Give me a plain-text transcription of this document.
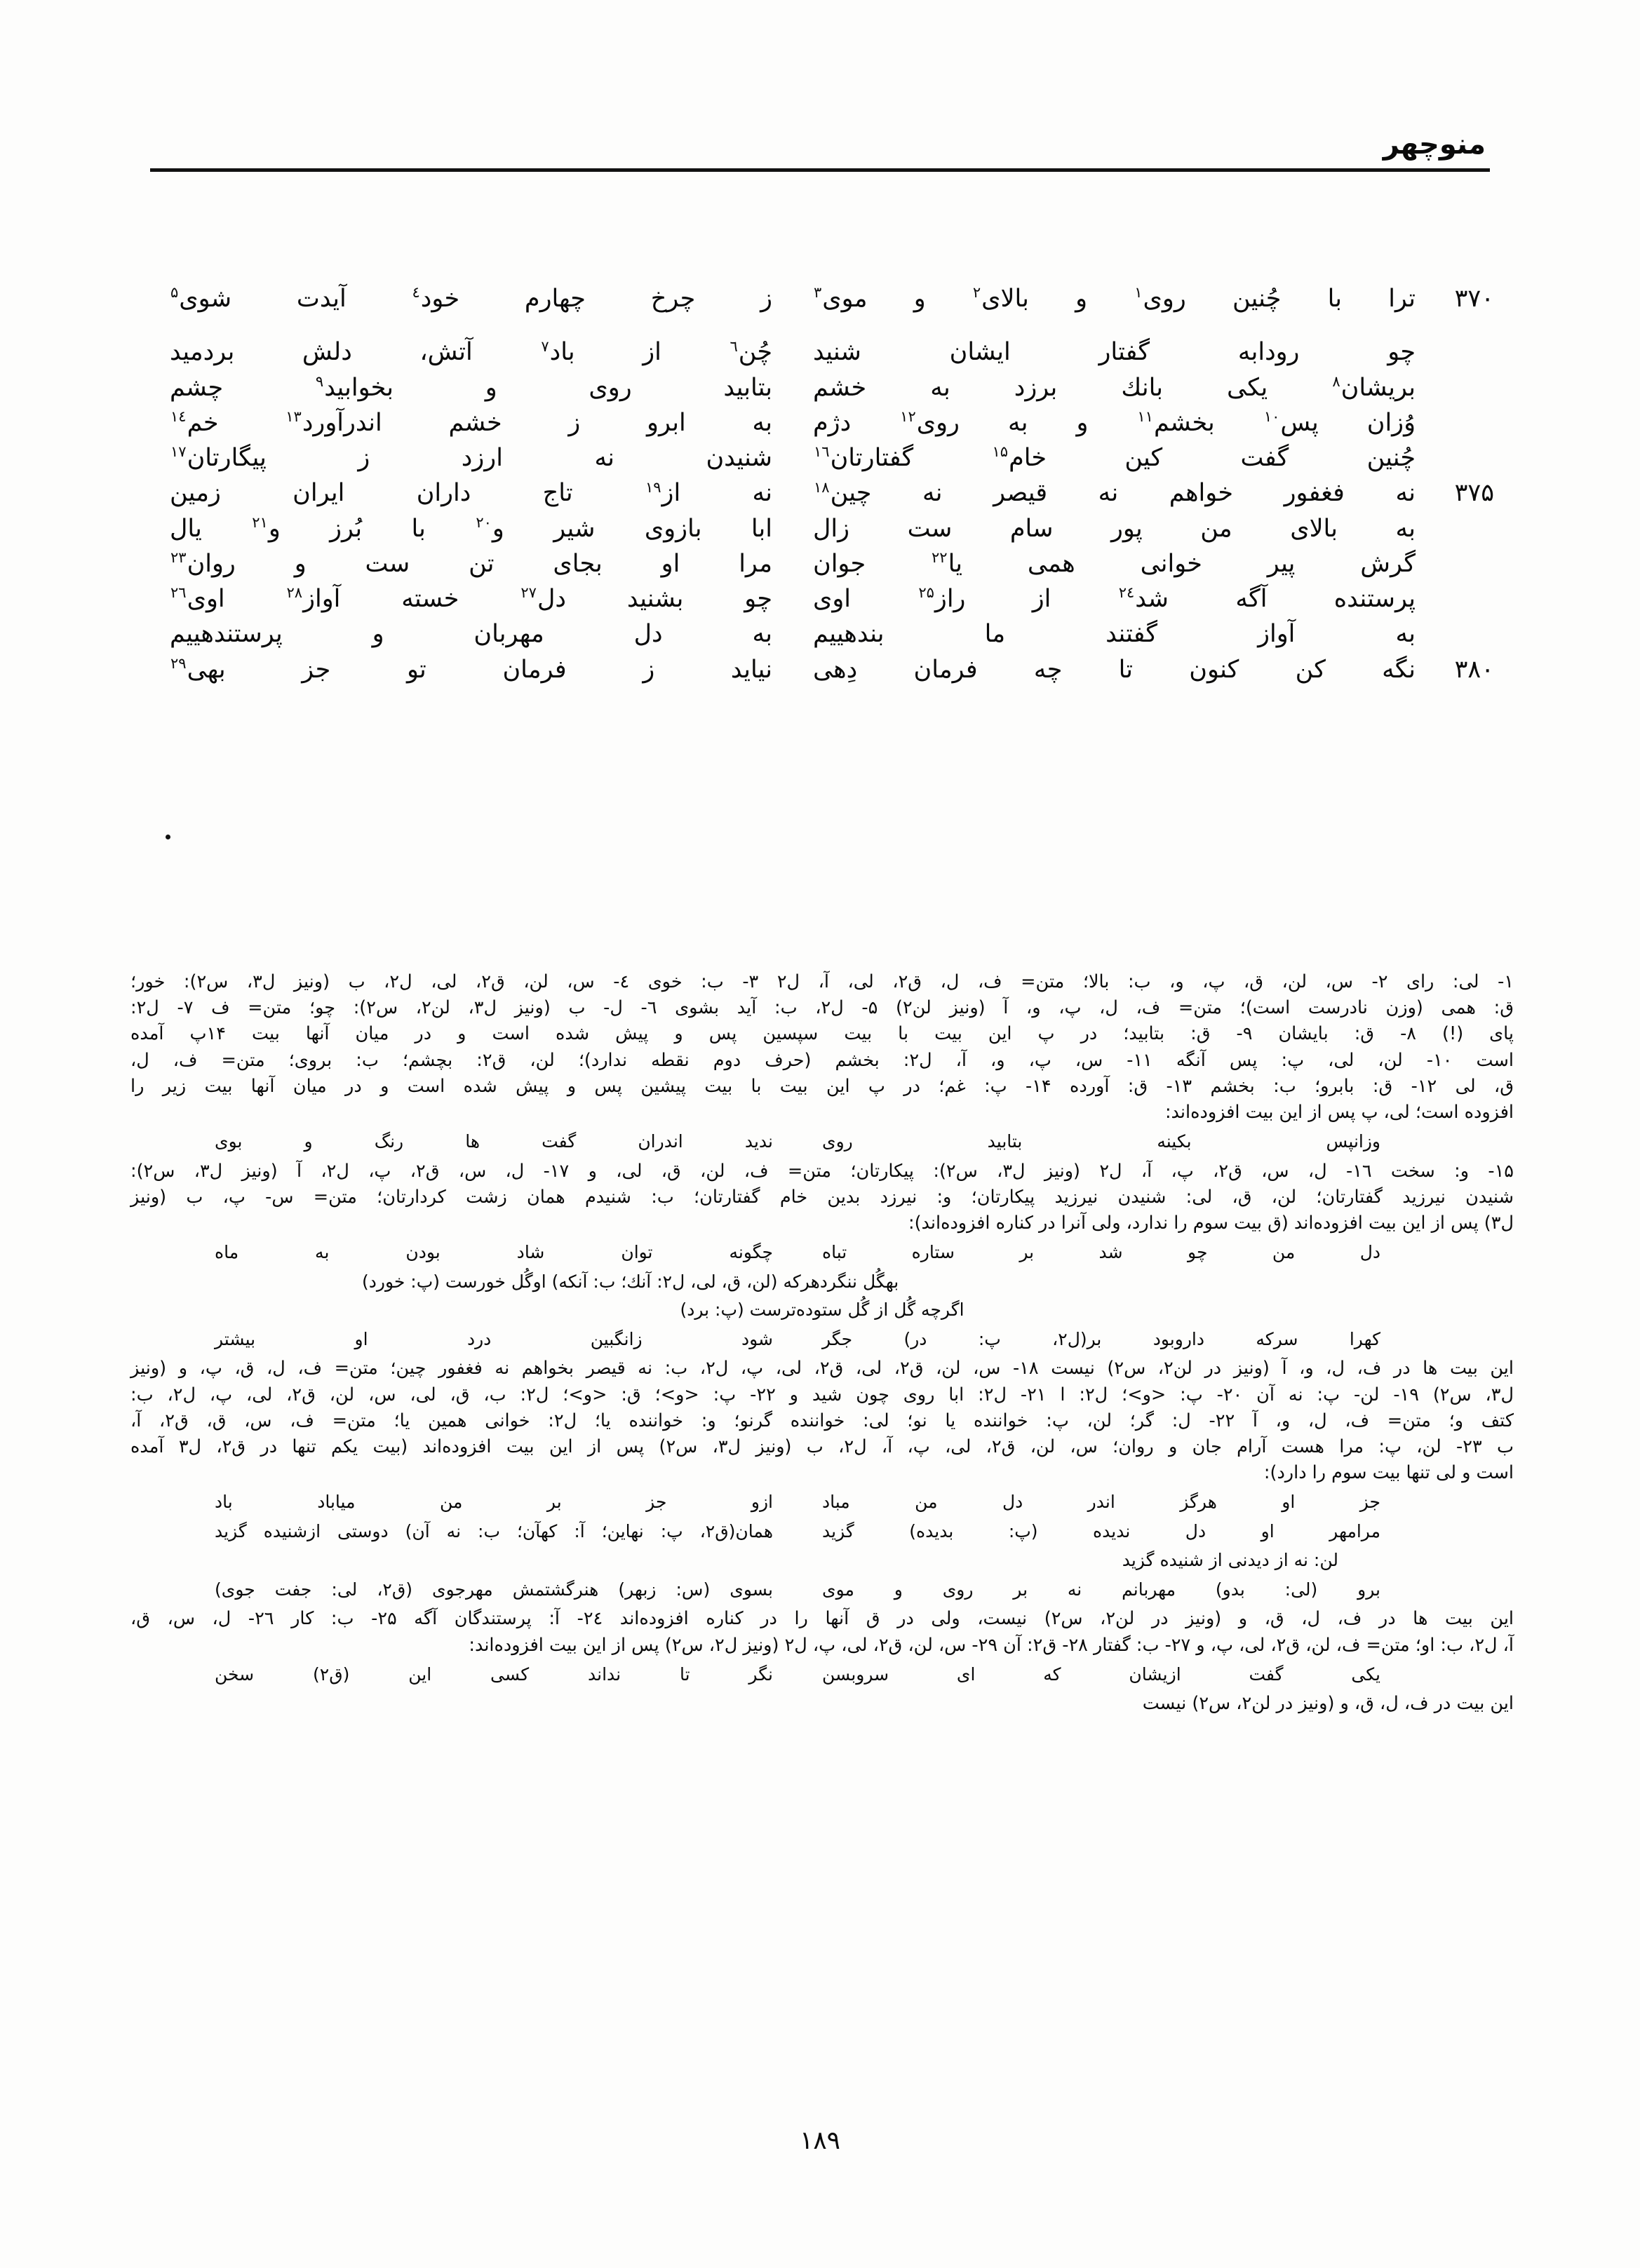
منوچهر
۳۷۰
ترا با چُنین روی$^۱$ و بالای$^۲$ و موی$^۳$
ز چرخ چهارم خود$^٤$ آیدت شوی$^۵$
چو رودابه گفتار ایشان شنید
چُن$^٦$ از باد$^۷$ آتش، دلش بردمید
بریشان$^۸$ یکی بانك برزد به خشم
بتابید روی و بخوابید$^۹$ چشم
وُزان پس$^{۱۰}$ بخشم$^{۱۱}$ و به روی$^{۱۲}$ دژم
به ابرو ز خشم اندرآورد$^{۱۳}$ خم$^{۱٤}$
چُنین گفت کین خام$^{۱۵}$ گفتارتان$^{۱٦}$
شنیدن نه ارزد ز پیگارتان$^{۱۷}$
۳۷۵
نه فغفور خواهم نه قیصر نه چین$^{۱۸}$
نه از$^{۱۹}$ تاج داران ایران زمین
به بالای من پور سام ست زال
ابا بازوی شیر و$^{۲۰}$ با بُرز و$^{۲۱}$ یال
گرش پیر خوانی همی یا$^{۲۲}$ جوان
مرا او بجای تن ست و روان$^{۲۳}$
پرستنده آگه شد$^{۲٤}$ از راز$^{۲۵}$ اوی
چو بشنید دل$^{۲۷}$ خسته آواز$^{۲۸}$ اوی$^{۲٦}$
به آواز گفتند ما بندهییم
به دل مهربان و پرستندهییم
۳۸۰
نگه کن کنون تا چه فرمان دِهی
نیاید ز فرمان تو جز بهی$^{۲۹}$

۱- لی: رای ۲- س، لن، ق، پ، و، ب: بالا؛ متن= ف، ل، ق۲، لی، آ، ل۲ ۳- ب: خوی ٤- س، لن، ق۲، لی، ل۲، ب (ونیز ل۳، س۲): خور؛

ق: همی (وزن نادرست است)؛ متن= ف، ل، پ، و، آ (ونیز لن۲) ۵- ل۲، ب: آید بشوی ٦- ل- ب (ونیز ل۳، لن۲، س۲): چو؛ متن= ف ۷- ل۲:

پای (!) ۸- ق: بایشان ۹- ق: بتابید؛ در پ این بیت با بیت سپسین پس و پیش شده است و در میان آنها بیت ۱۴پ آمده

است ۱۰- لن، لی، پ: پس آنگه ۱۱- س، پ، و، آ، ل۲: بخشم (حرف دوم نقطه ندارد)؛ لن، ق۲: بچشم؛ ب: بروی؛ متن= ف، ل،

ق، لی ۱۲- ق: بابرو؛ ب: بخشم ۱۳- ق: آورده ۱۴- پ: غم؛ در پ این بیت با بیت پیشین پس و پیش شده است و در میان آنها بیت زیر را

افزوده است؛ لی، پ پس از این بیت افزوده‌اند:

وزانپس بکینه بتابید روی
ندید اندران گفت ها رنگ و بوی

۱۵- و: سخت ۱٦- ل، س، ق۲، پ، آ، ل۲ (ونیز ل۳، س۲): پیکارتان؛ متن= ف، لن، ق، لی، و ۱۷- ل، س، ق۲، پ، ل۲، آ (ونیز ل۳، س۲):

شنیدن نیرزید گفتارتان؛ لن، ق، لی: شنیدن نیرزید پیکارتان؛ و: نیرزد بدین خام گفتارتان؛ ب: شنیدم همان زشت کردارتان؛ متن= س- پ، ب (ونیز

ل۳) پس از این بیت افزوده‌اند (ق بیت سوم را ندارد، ولی آنرا در کناره افزوده‌اند):

دل من چو شد بر ستاره تباه
چگونه توان شاد بودن به ماه
بهگُل ننگردهرکه (لن، ق، لی، ل۲: آنك؛ ب: آنکه) اوگُل خورست (پ: خورد)
اگرچه گُل از گُل ستوده‌ترست (پ: برد)
کهرا سرکه داروبود بر(ل۲، پ: در) جگر
شود زانگبین درد او بیشتر

این بیت ها در ف، ل، و، آ (ونیز در لن۲، س۲) نیست ۱۸- س، لن، ق۲، لی، ق۲، لی، پ، ل۲، ب: نه قیصر بخواهم نه فغفور چین؛ متن= ف، ل، ق، پ، و (ونیز

ل۳، س۲) ۱۹- لن- پ: نه آن ۲۰- پ: <و>؛ ل۲: ا ۲۱- ل۲: ابا روی چون شید و ۲۲- پ: <و>؛ ق: <و>؛ ل۲: ب، ق، لی، س، لن، ق۲، لی، پ، ل۲، ب:

کتف و؛ متن= ف، ل، و، آ ۲۲- ل: گر؛ لن، پ: خواننده یا نو؛ لی: خواننده گرنو؛ و: خواننده یا؛ ل۲: خوانی همین یا؛ متن= ف، س، ق، ق۲، آ،

ب ۲۳- لن، پ: مرا هست آرام جان و روان؛ س، لن، ق۲، لی، پ، آ، ل۲، ب (ونیز ل۳، س۲) پس از این بیت افزوده‌اند (بیت یکم تنها در ق۲، ل۳ آمده

است و لی تنها بیت سوم را دارد):

جز او هرگز اندر دل من مباد
ازو جز بر من میاباد باد
مرامهر او دل ندیده (پ: بدیده) گزید
همان(ق۲، پ: نهاین؛ آ: کهآن؛ ب: نه آن) دوستی ازشنیده گزید
لن: نه از دیدنی از شنیده گزید
برو (لی: بدو) مهربانم نه بر روی و موی
بسوی (س: زبهر) هنرگشتمش مهرجوی (ق۲، لی: جفت جوی)

این بیت ها در ف، ل، ق، و (ونیز در لن۲، س۲) نیست، ولی در ق آنها را در کناره افزوده‌اند ۲٤- آ: پرستندگان آگه ۲۵- ب: کار ۲٦- ل، س، ق،

آ، ل۲، ب: او؛ متن= ف، لن، ق۲، لی، پ، و ۲۷- ب: گفتار ۲۸- ق۲: آن ۲۹- س، لن، ق۲، لی، پ، ل۲ (ونیز ل۲، س۲) پس از این بیت افزوده‌اند:

یکی گفت ازیشان که ای سروبسن
نگر تا نداند کسی این (ق۲) سخن

این بیت در ف، ل، ق، و (ونیز در لن۲، س۲) نیست

۱۸۹
